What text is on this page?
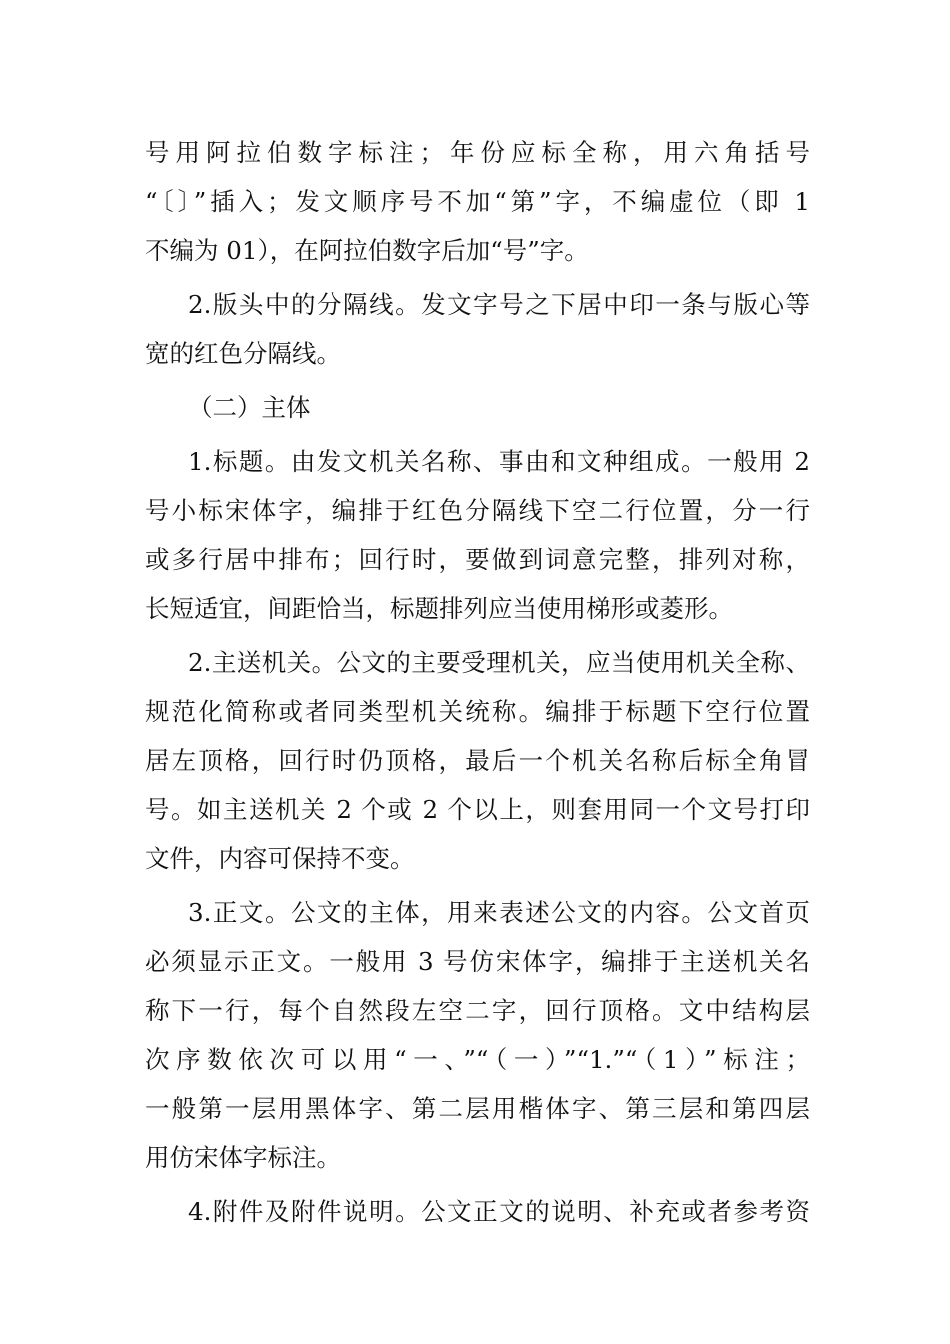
号用阿拉伯数字标注；年份应标全称，用六角括号
“〔〕”插入；发文顺序号不加“第”字，不编虚位（即 1
不编为 01），在阿拉伯数字后加“号”字。

2.版头中的分隔线。发文字号之下居中印一条与版心等
宽的红色分隔线。

（二）主体

1.标题。由发文机关名称、事由和文种组成。一般用 2
号小标宋体字，编排于红色分隔线下空二行位置，分一行
或多行居中排布；回行时，要做到词意完整，排列对称，
长短适宜，间距恰当，标题排列应当使用梯形或菱形。

2.主送机关。公文的主要受理机关，应当使用机关全称、
规范化简称或者同类型机关统称。编排于标题下空行位置
居左顶格，回行时仍顶格，最后一个机关名称后标全角冒
号。如主送机关 2 个或 2 个以上，则套用同一个文号打印
文件，内容可保持不变。

3.正文。公文的主体，用来表述公文的内容。公文首页
必须显示正文。一般用 3 号仿宋体字，编排于主送机关名
称下一行，每个自然段左空二字，回行顶格。文中结构层
次序数依次可以用“一、”“（一）”“1.”“（1）”标注；
一般第一层用黑体字、第二层用楷体字、第三层和第四层
用仿宋体字标注。

4.附件及附件说明。公文正文的说明、补充或者参考资
